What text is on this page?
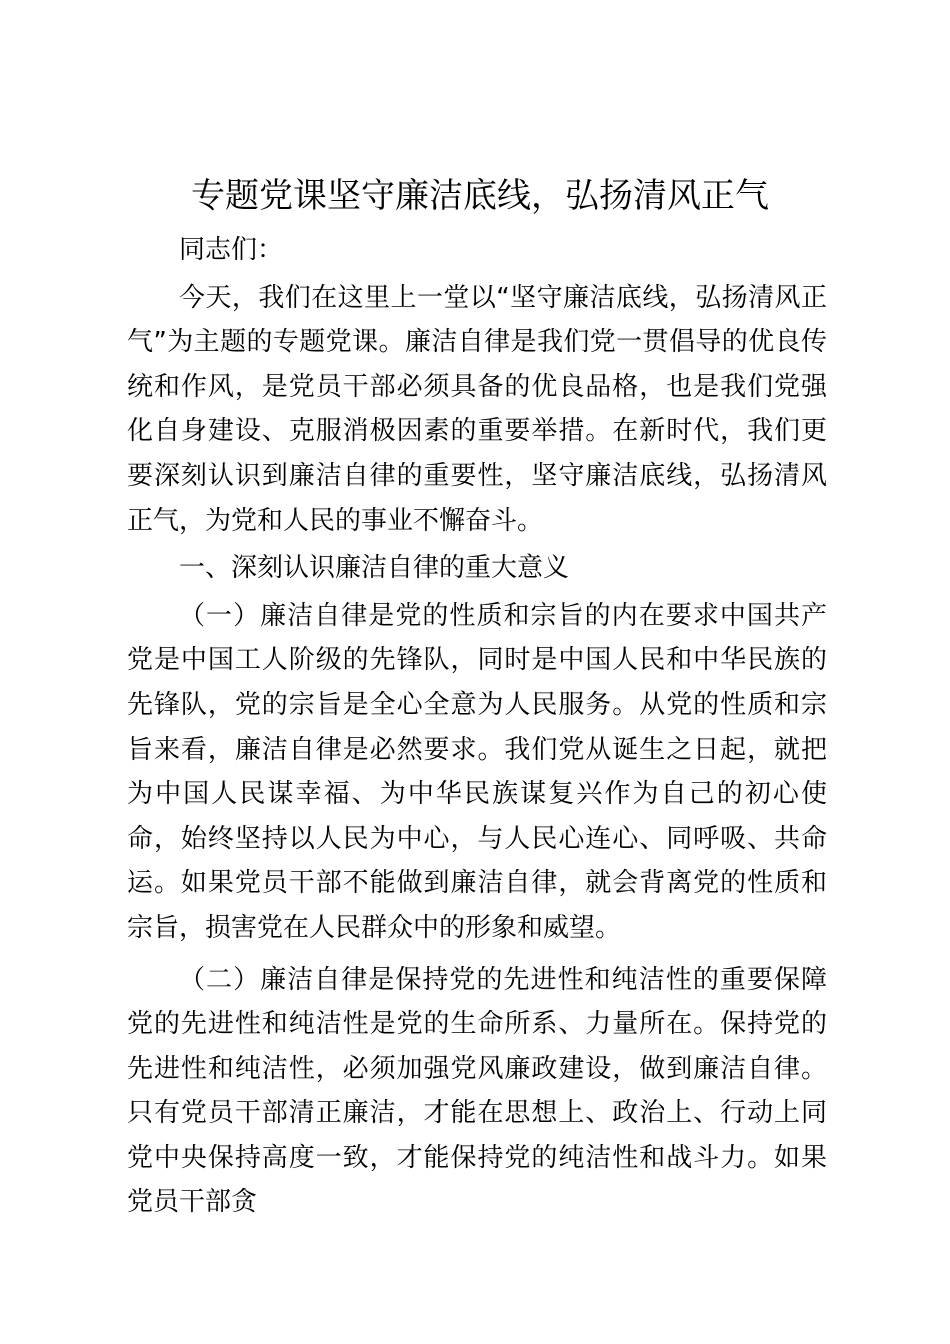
专题党课坚守廉洁底线，弘扬清风正气

同志们：

今天，我们在这里上一堂以“坚守廉洁底线，弘扬清风正气”为主题的专题党课。廉洁自律是我们党一贯倡导的优良传统和作风，是党员干部必须具备的优良品格，也是我们党强化自身建设、克服消极因素的重要举措。在新时代，我们更要深刻认识到廉洁自律的重要性，坚守廉洁底线，弘扬清风正气，为党和人民的事业不懈奋斗。

一、深刻认识廉洁自律的重大意义

（一）廉洁自律是党的性质和宗旨的内在要求中国共产党是中国工人阶级的先锋队，同时是中国人民和中华民族的先锋队，党的宗旨是全心全意为人民服务。从党的性质和宗旨来看，廉洁自律是必然要求。我们党从诞生之日起，就把为中国人民谋幸福、为中华民族谋复兴作为自己的初心使命，始终坚持以人民为中心，与人民心连心、同呼吸、共命运。如果党员干部不能做到廉洁自律，就会背离党的性质和宗旨，损害党在人民群众中的形象和威望。

（二）廉洁自律是保持党的先进性和纯洁性的重要保障党的先进性和纯洁性是党的生命所系、力量所在。保持党的先进性和纯洁性，必须加强党风廉政建设，做到廉洁自律。只有党员干部清正廉洁，才能在思想上、政治上、行动上同党中央保持高度一致，才能保持党的纯洁性和战斗力。如果党员干部贪
